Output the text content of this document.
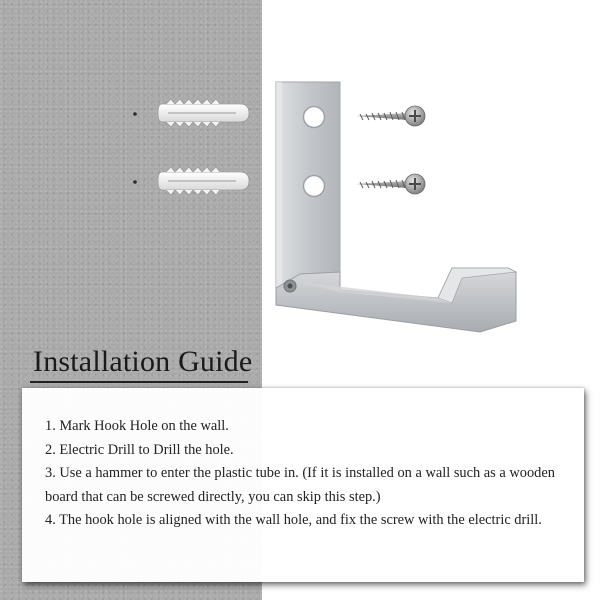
Installation Guide
1. Mark Hook Hole on the wall.
2. Electric Drill to Drill the hole.
3. Use a hammer to enter the plastic tube in. (If it is installed on a wall such as a wooden board that can be screwed directly, you can skip this step.)
4. The hook hole is aligned with the wall hole, and fix the screw with the electric drill.
